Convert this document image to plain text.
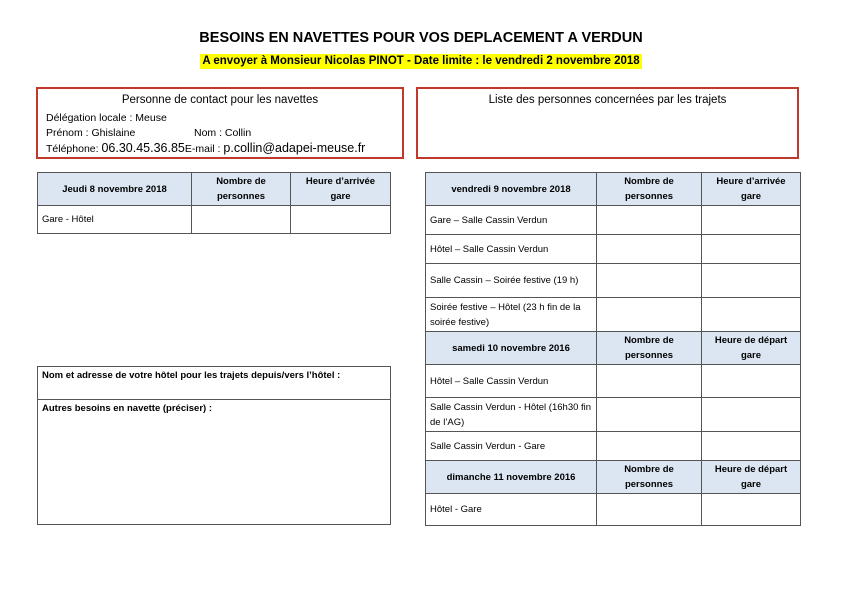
BESOINS EN NAVETTES POUR VOS DEPLACEMENT A VERDUN
A envoyer à Monsieur Nicolas PINOT - Date limite : le vendredi 2 novembre 2018
Personne de contact pour les navettes
Délégation locale : Meuse
Prénom : Ghislaine	Nom : Collin
Téléphone: 06.30.45.36.85E-mail : p.collin@adapei-meuse.fr
Liste des personnes concernées par les trajets
Jeudi 8 novembre 2018	Nombre de personnes	Heure d’arrivée gare
Gare - Hôtel		
vendredi 9 novembre 2018	Nombre de personnes	Heure d’arrivée gare
Gare – Salle Cassin Verdun		
Hôtel – Salle Cassin Verdun		
Salle Cassin – Soirée festive (19 h)		
Soirée festive – Hôtel (23 h fin de la soirée festive)		
samedi 10 novembre 2016	Nombre de personnes	Heure de départ gare
Hôtel – Salle Cassin Verdun		
Salle Cassin Verdun - Hôtel (16h30 fin de l’AG)		
Salle Cassin Verdun - Gare		
dimanche 11 novembre 2016	Nombre de personnes	Heure de départ gare
Hôtel - Gare		
Nom et adresse de votre hôtel pour les trajets depuis/vers l’hôtel :
Autres besoins en navette (préciser) :
